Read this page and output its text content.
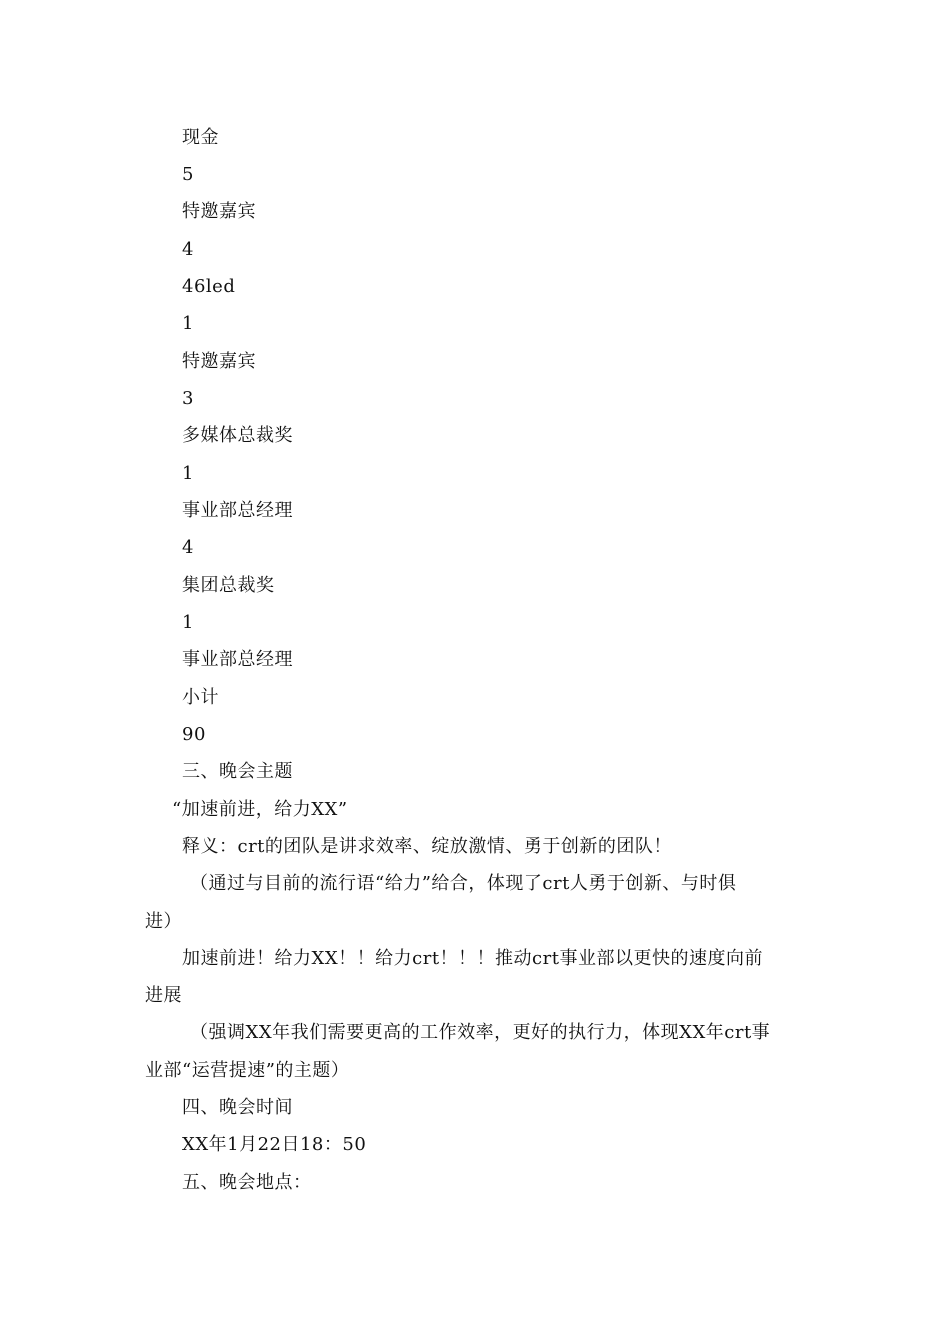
现金
5
特邀嘉宾
4
46led
1
特邀嘉宾
3
多媒体总裁奖
1
事业部总经理
4
集团总裁奖
1
事业部总经理
小计
90
三、晚会主题
“加速前进，给力XX”
释义：crt的团队是讲求效率、绽放激情、勇于创新的团队！
（通过与目前的流行语“给力”给合，体现了crt人勇于创新、与时俱
进）
加速前进！给力XX！！给力crt！！！推动crt事业部以更快的速度向前
进展
（强调XX年我们需要更高的工作效率，更好的执行力，体现XX年crt事
业部“运营提速”的主题）
四、晚会时间
XX年1月22日18：50
五、晚会地点：
